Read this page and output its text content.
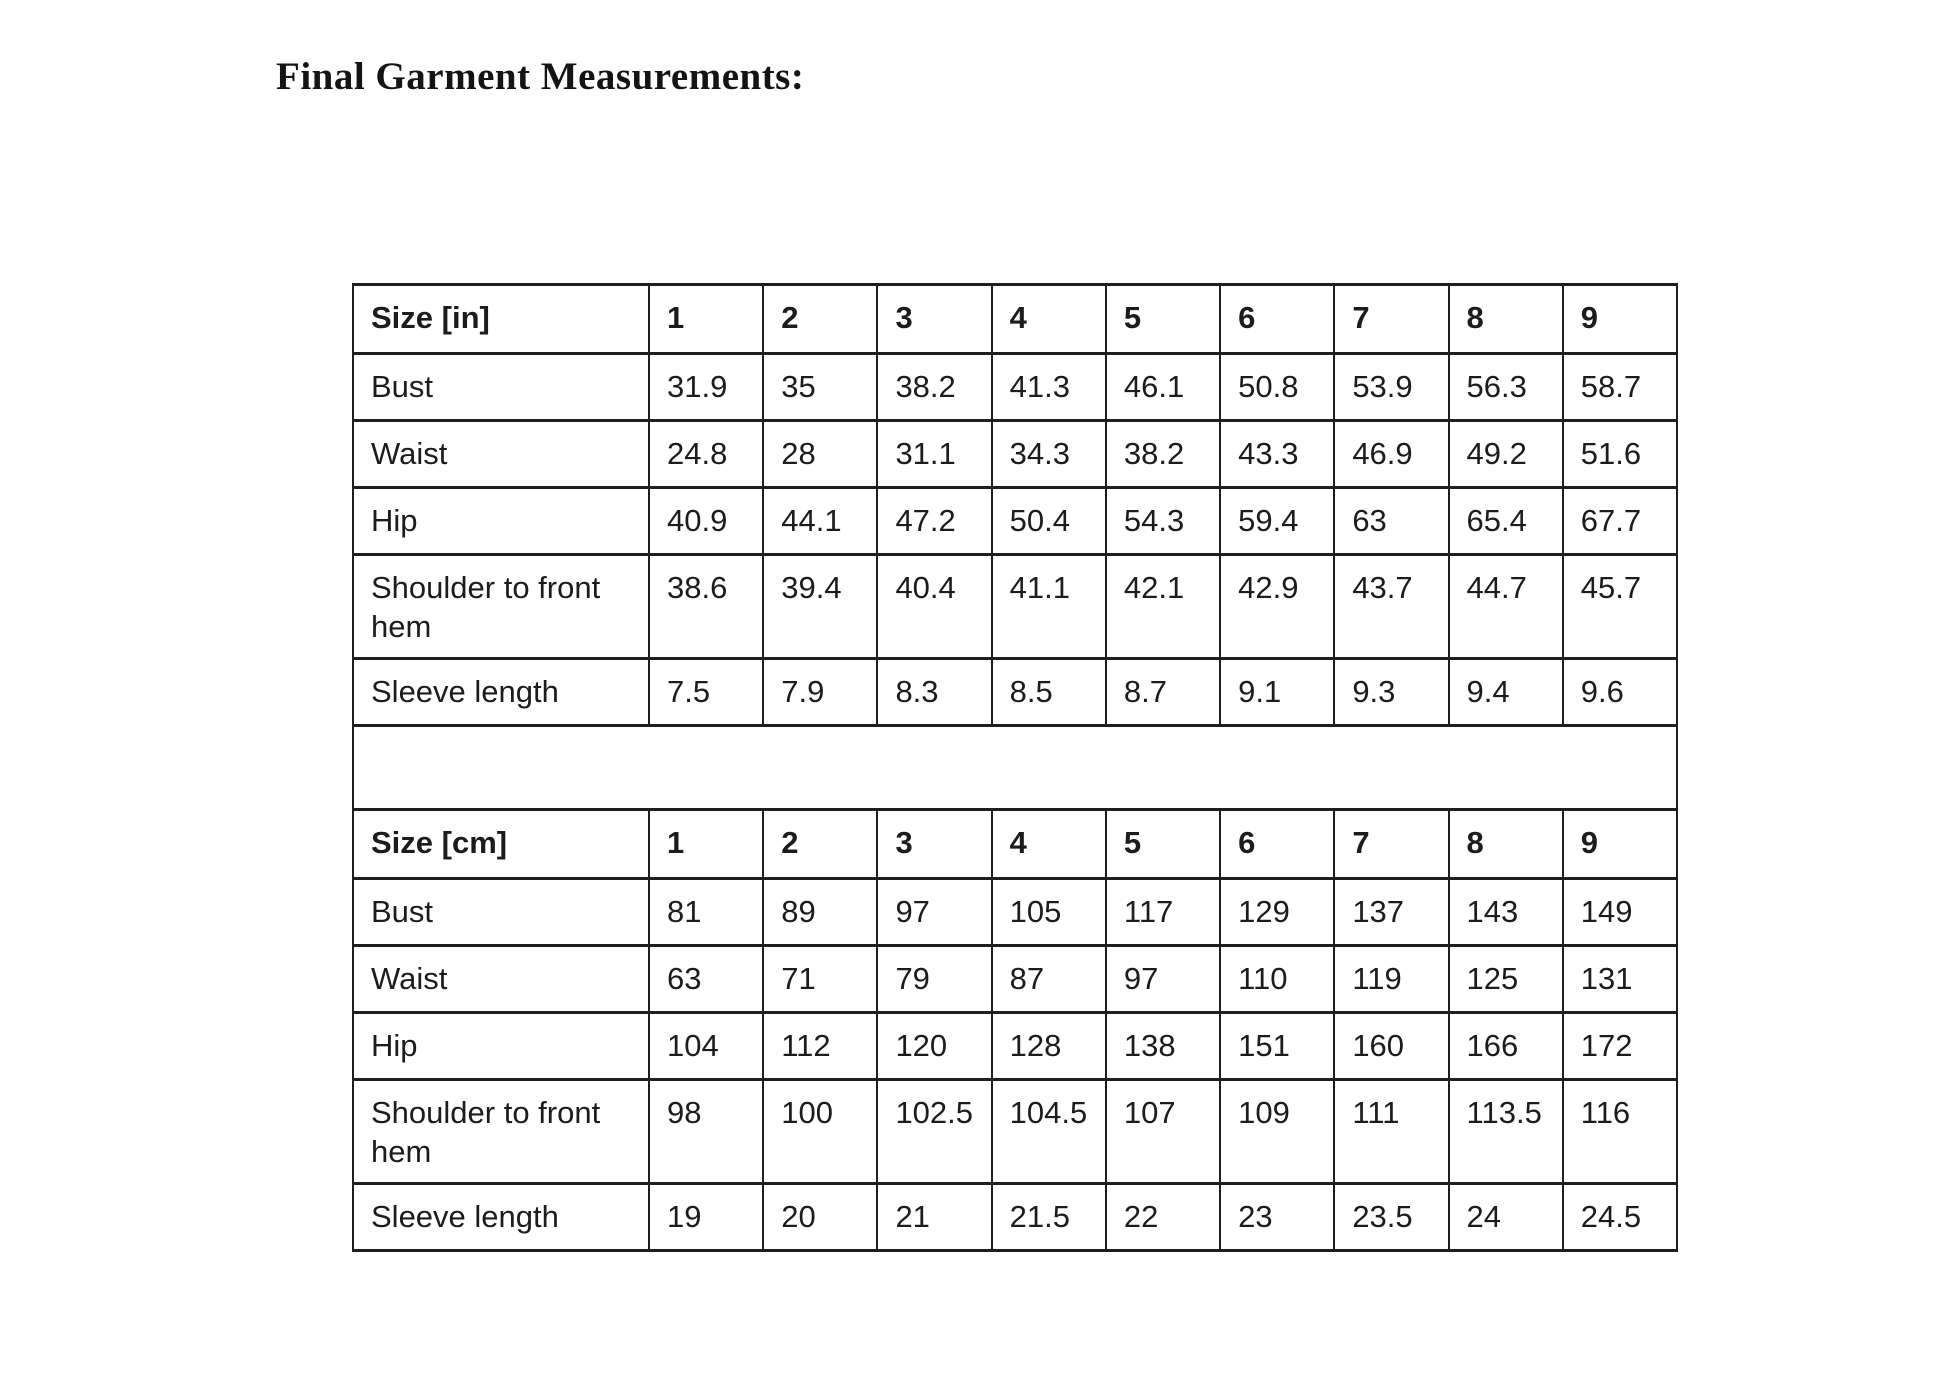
Final Garment Measurements:
Size [in]	1	2	3	4	5	6	7	8	9
Bust	31.9	35	38.2	41.3	46.1	50.8	53.9	56.3	58.7
Waist	24.8	28	31.1	34.3	38.2	43.3	46.9	49.2	51.6
Hip	40.9	44.1	47.2	50.4	54.3	59.4	63	65.4	67.7
Shoulder to front hem	38.6	39.4	40.4	41.1	42.1	42.9	43.7	44.7	45.7
Sleeve length	7.5	7.9	8.3	8.5	8.7	9.1	9.3	9.4	9.6

Size [cm]	1	2	3	4	5	6	7	8	9
Bust	81	89	97	105	117	129	137	143	149
Waist	63	71	79	87	97	110	119	125	131
Hip	104	112	120	128	138	151	160	166	172
Shoulder to front hem	98	100	102.5	104.5	107	109	111	113.5	116
Sleeve length	19	20	21	21.5	22	23	23.5	24	24.5
